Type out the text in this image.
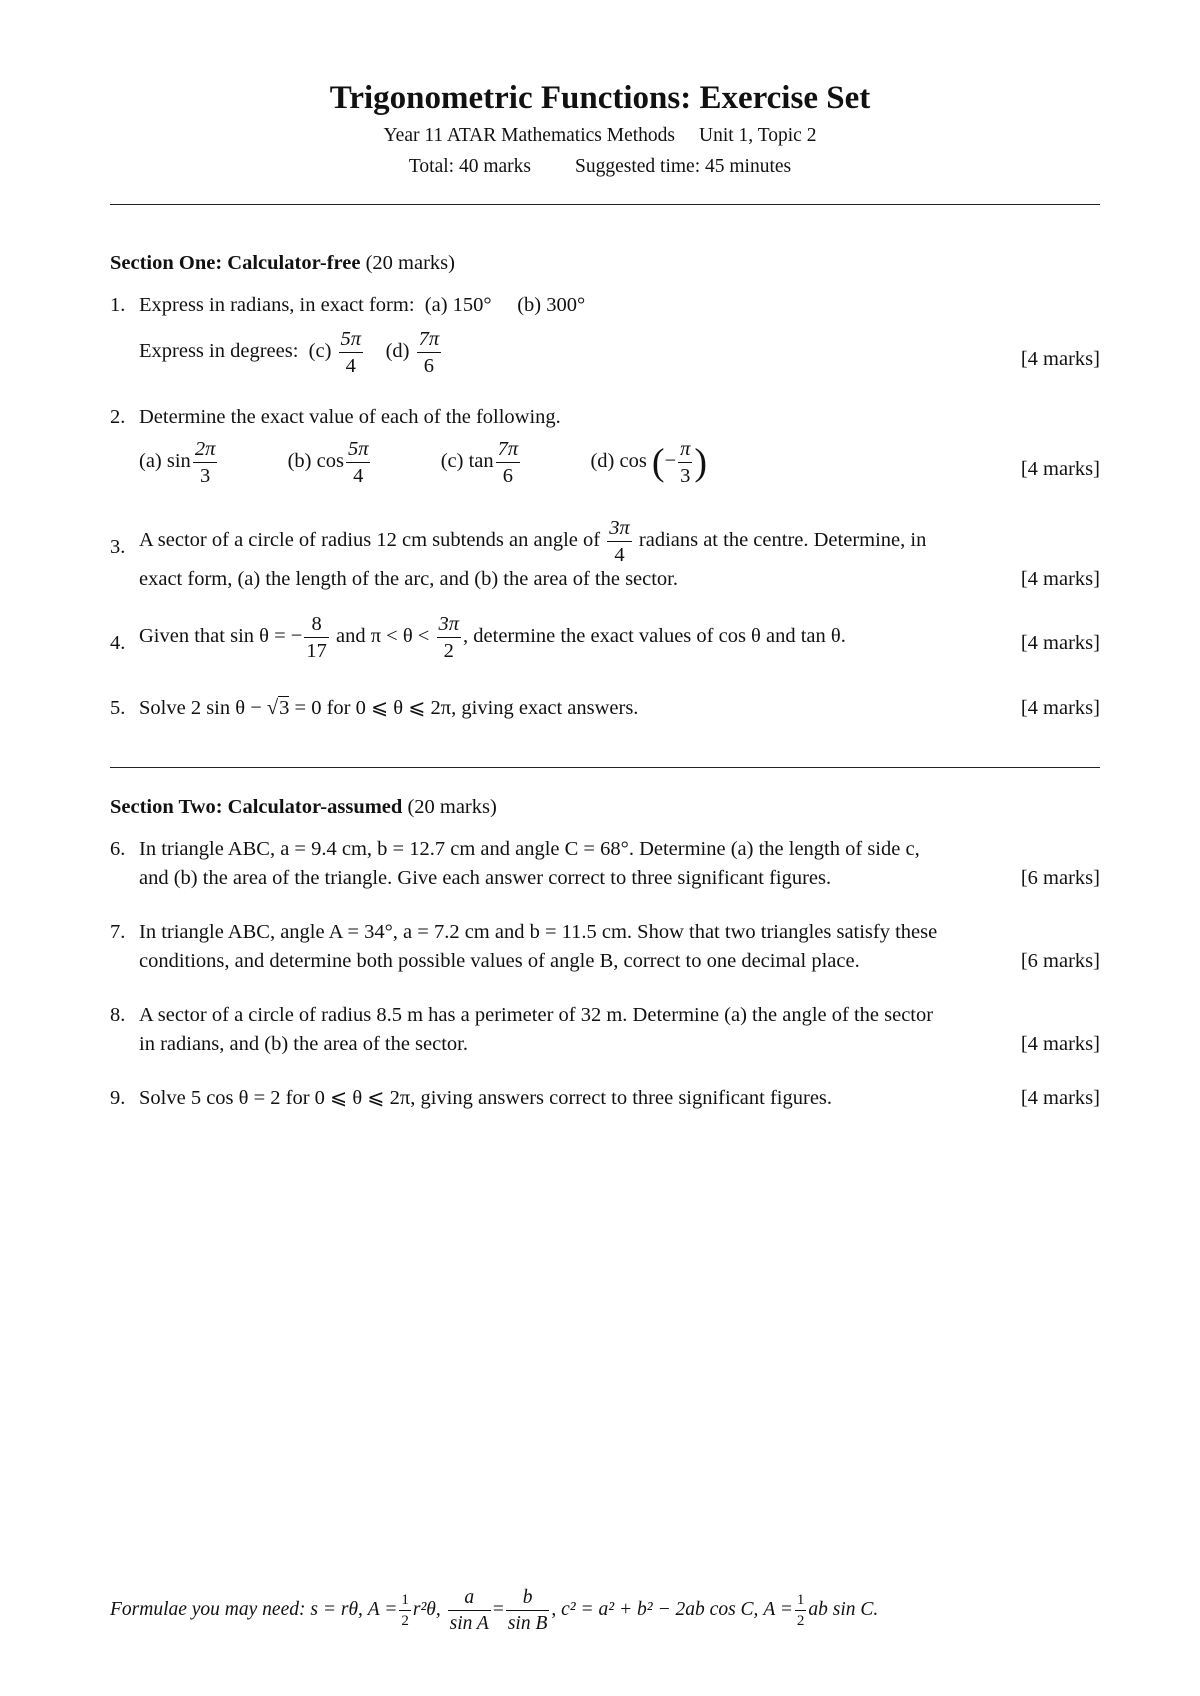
Trigonometric Functions: Exercise Set
Year 11 ATAR Mathematics Methods Unit 1, Topic 2
Total: 40 marks Suggested time: 45 minutes
Section One: Calculator-free (20 marks)
1. Express in radians, in exact form:  (a) 150°     (b) 300°
Express in degrees:  $(c) \frac{5\pi}{4} (d) \frac{7\pi}{6}$	[4 marks]
2. Determine the exact value of each of the following.
(a) $\sin \frac{2\pi}{3}$	(b) $\cos \frac{5\pi}{4}$	(c) $\tan \frac{7\pi}{6}$	(d) cos (− $\frac{\pi}{3}$ )	[4 marks]
3. A sector of a circle of radius 12 cm subtends an angle of $\frac{3\pi}{4}$ radians at the centre. Determine, in
exact form, (a) the length of the arc, and (b) the area of the sector.	[4 marks]
4. Given that sin θ = − $\frac{8}{17}$ and $\pi < \theta < \frac{3\pi}{2}$ , determine the exact values of cos θ and tan θ.	[4 marks]
5. Solve 2 sin θ − √3 = 0 for 0 ⩽ θ ⩽ 2π, giving exact answers.	[4 marks]
Section Two: Calculator-assumed (20 marks)
6. In triangle ABC, a = 9.4 cm, b = 12.7 cm and angle C = 68°. Determine (a) the length of side c,
and (b) the area of the triangle. Give each answer correct to three significant figures.	[6 marks]
7. In triangle ABC, angle A = 34°, a = 7.2 cm and b = 11.5 cm. Show that two triangles satisfy these
conditions, and determine both possible values of angle B, correct to one decimal place.	[6 marks]
8. A sector of a circle of radius 8.5 m has a perimeter of 32 m. Determine (a) the angle of the sector
in radians, and (b) the area of the sector.	[4 marks]
9. Solve 5 cos θ = 2 for 0 ⩽ θ ⩽ 2π, giving answers correct to three significant figures.	[4 marks]
Formulae you may need: s = rθ, $A = \frac{1}{2} r^2\theta$, $\frac{a}{\text{sin A}} = \frac{b}{\text{sin B}}$ , c² = a² + b² − 2ab cos C, $A = \frac{1}{2}$ ab sin C.
